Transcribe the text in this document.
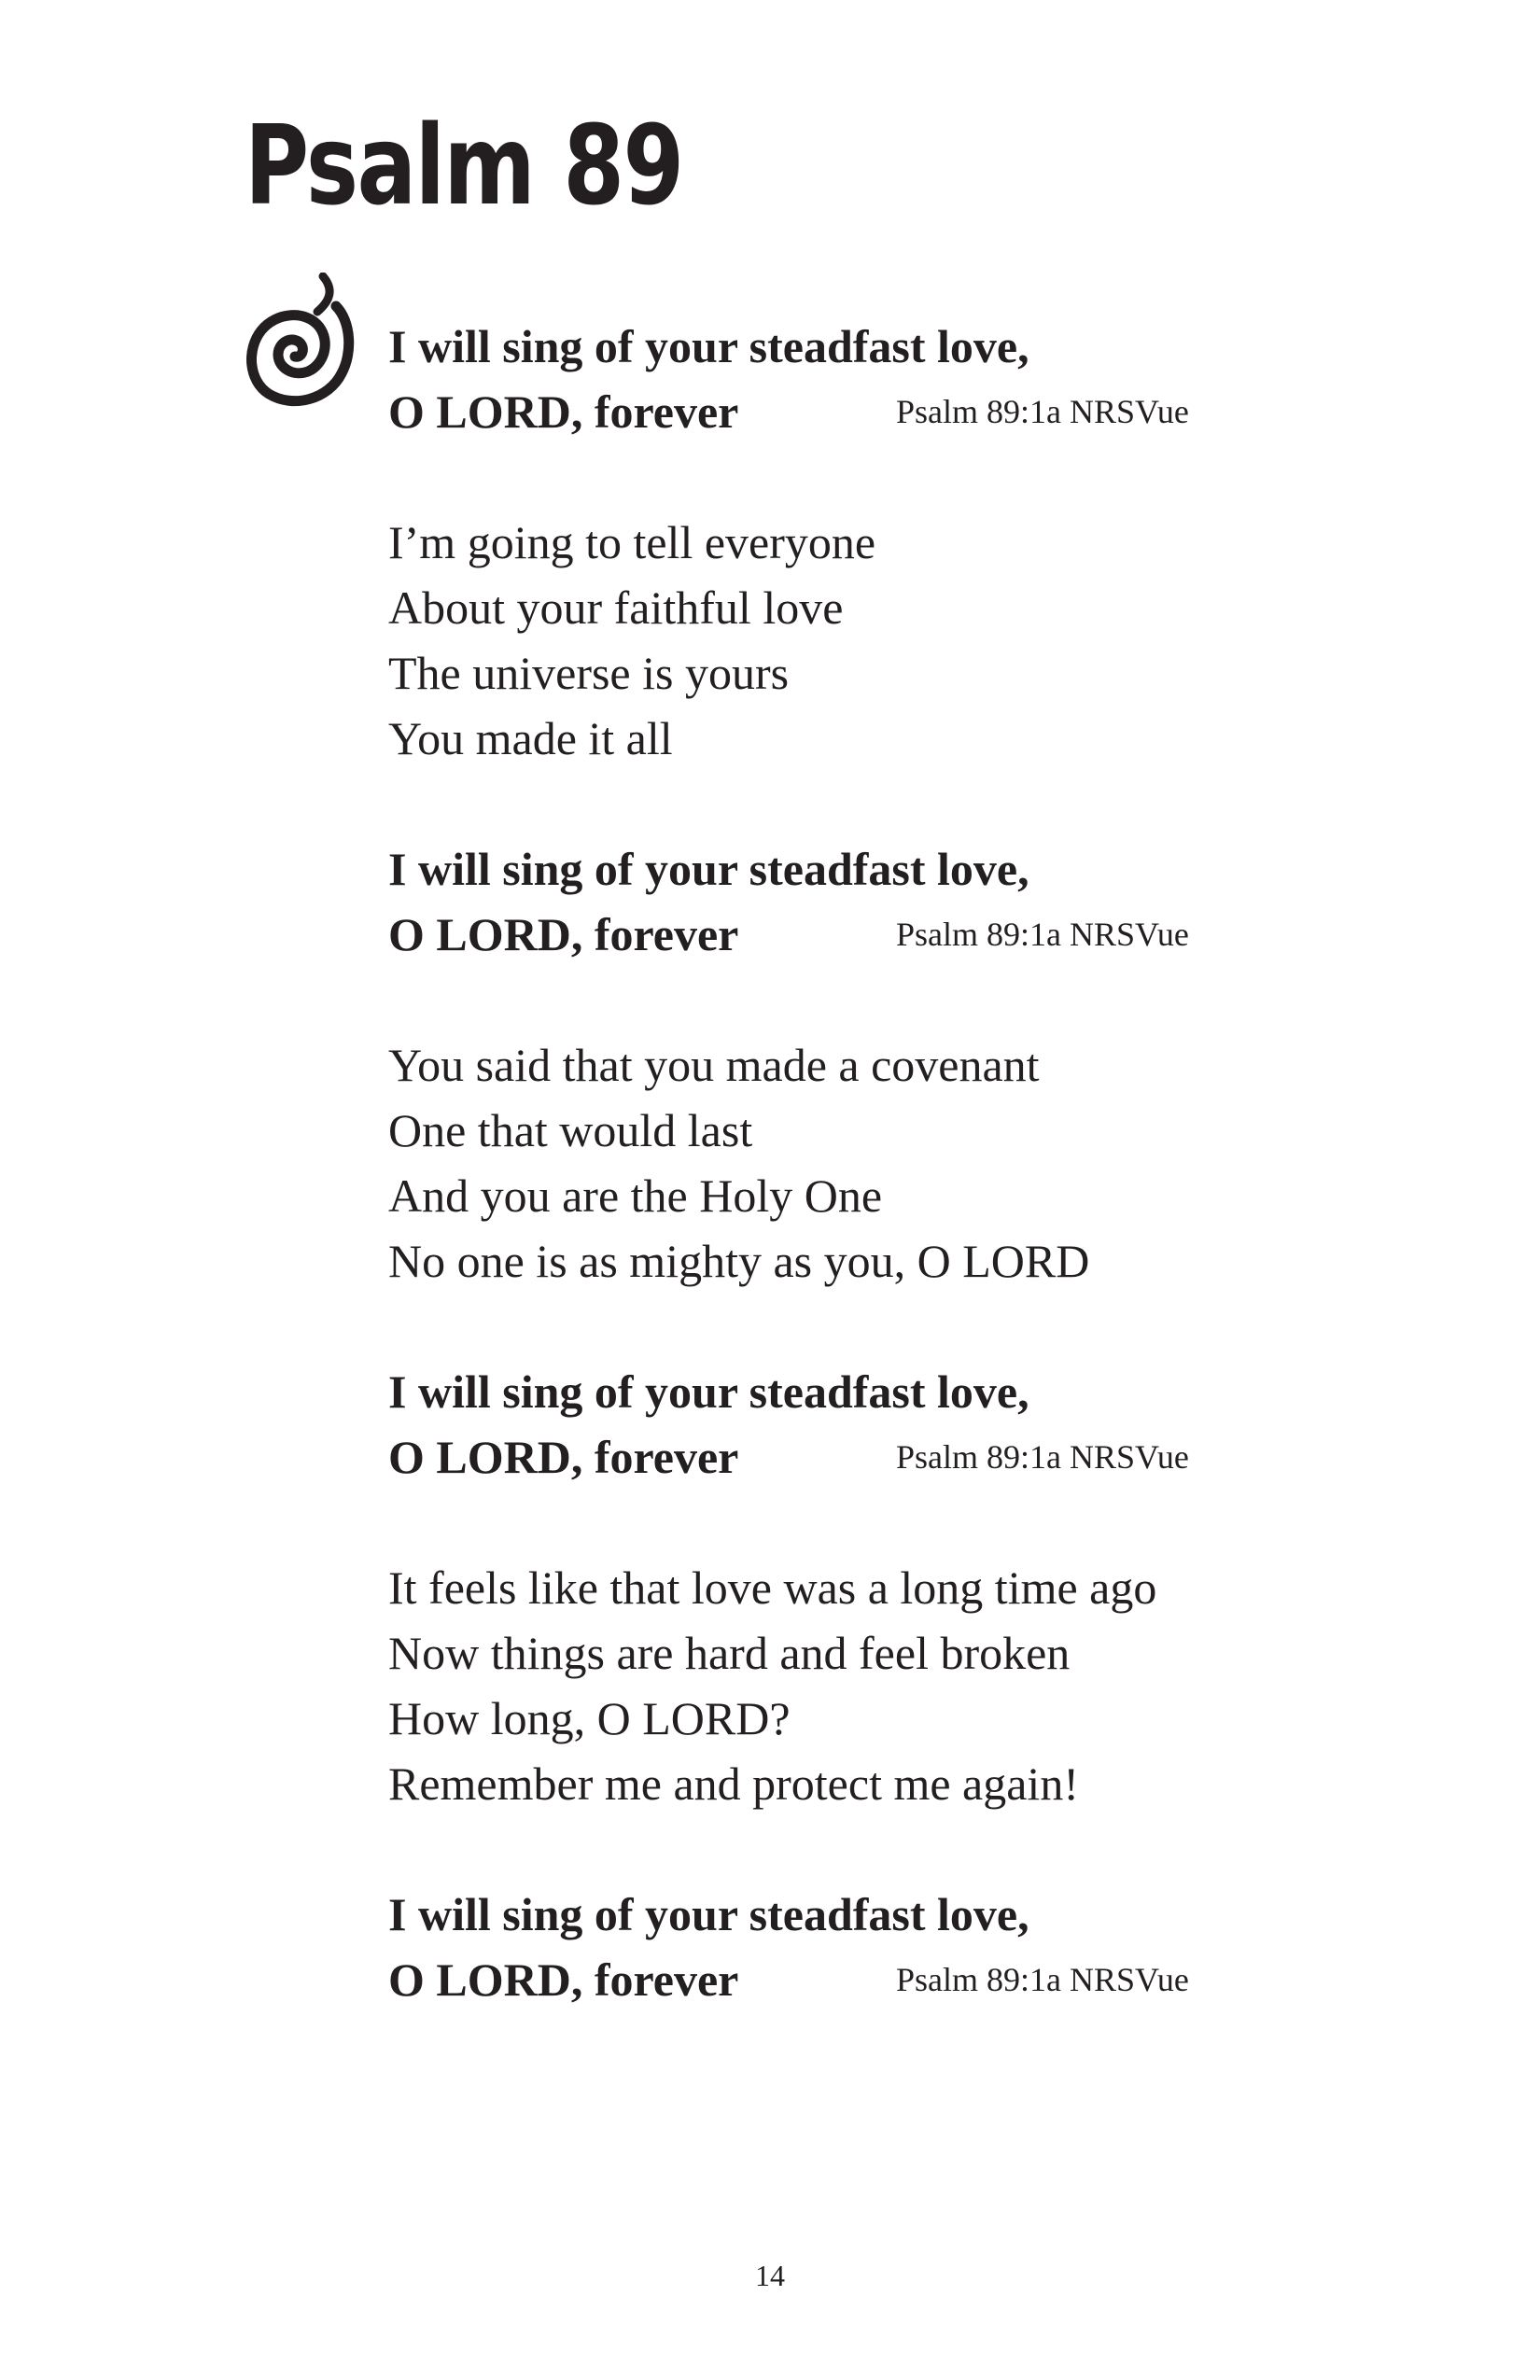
Psalm 89
I will sing of your steadfast love,
O LORD, forever	Psalm 89:1a NRSVue
I’m going to tell everyone
About your faithful love
The universe is yours
You made it all
I will sing of your steadfast love,
O LORD, forever	Psalm 89:1a NRSVue
You said that you made a covenant
One that would last
And you are the Holy One
No one is as mighty as you, O LORD
I will sing of your steadfast love,
O LORD, forever	Psalm 89:1a NRSVue
It feels like that love was a long time ago
Now things are hard and feel broken
How long, O LORD?
Remember me and protect me again!
I will sing of your steadfast love,
O LORD, forever	Psalm 89:1a NRSVue
14
